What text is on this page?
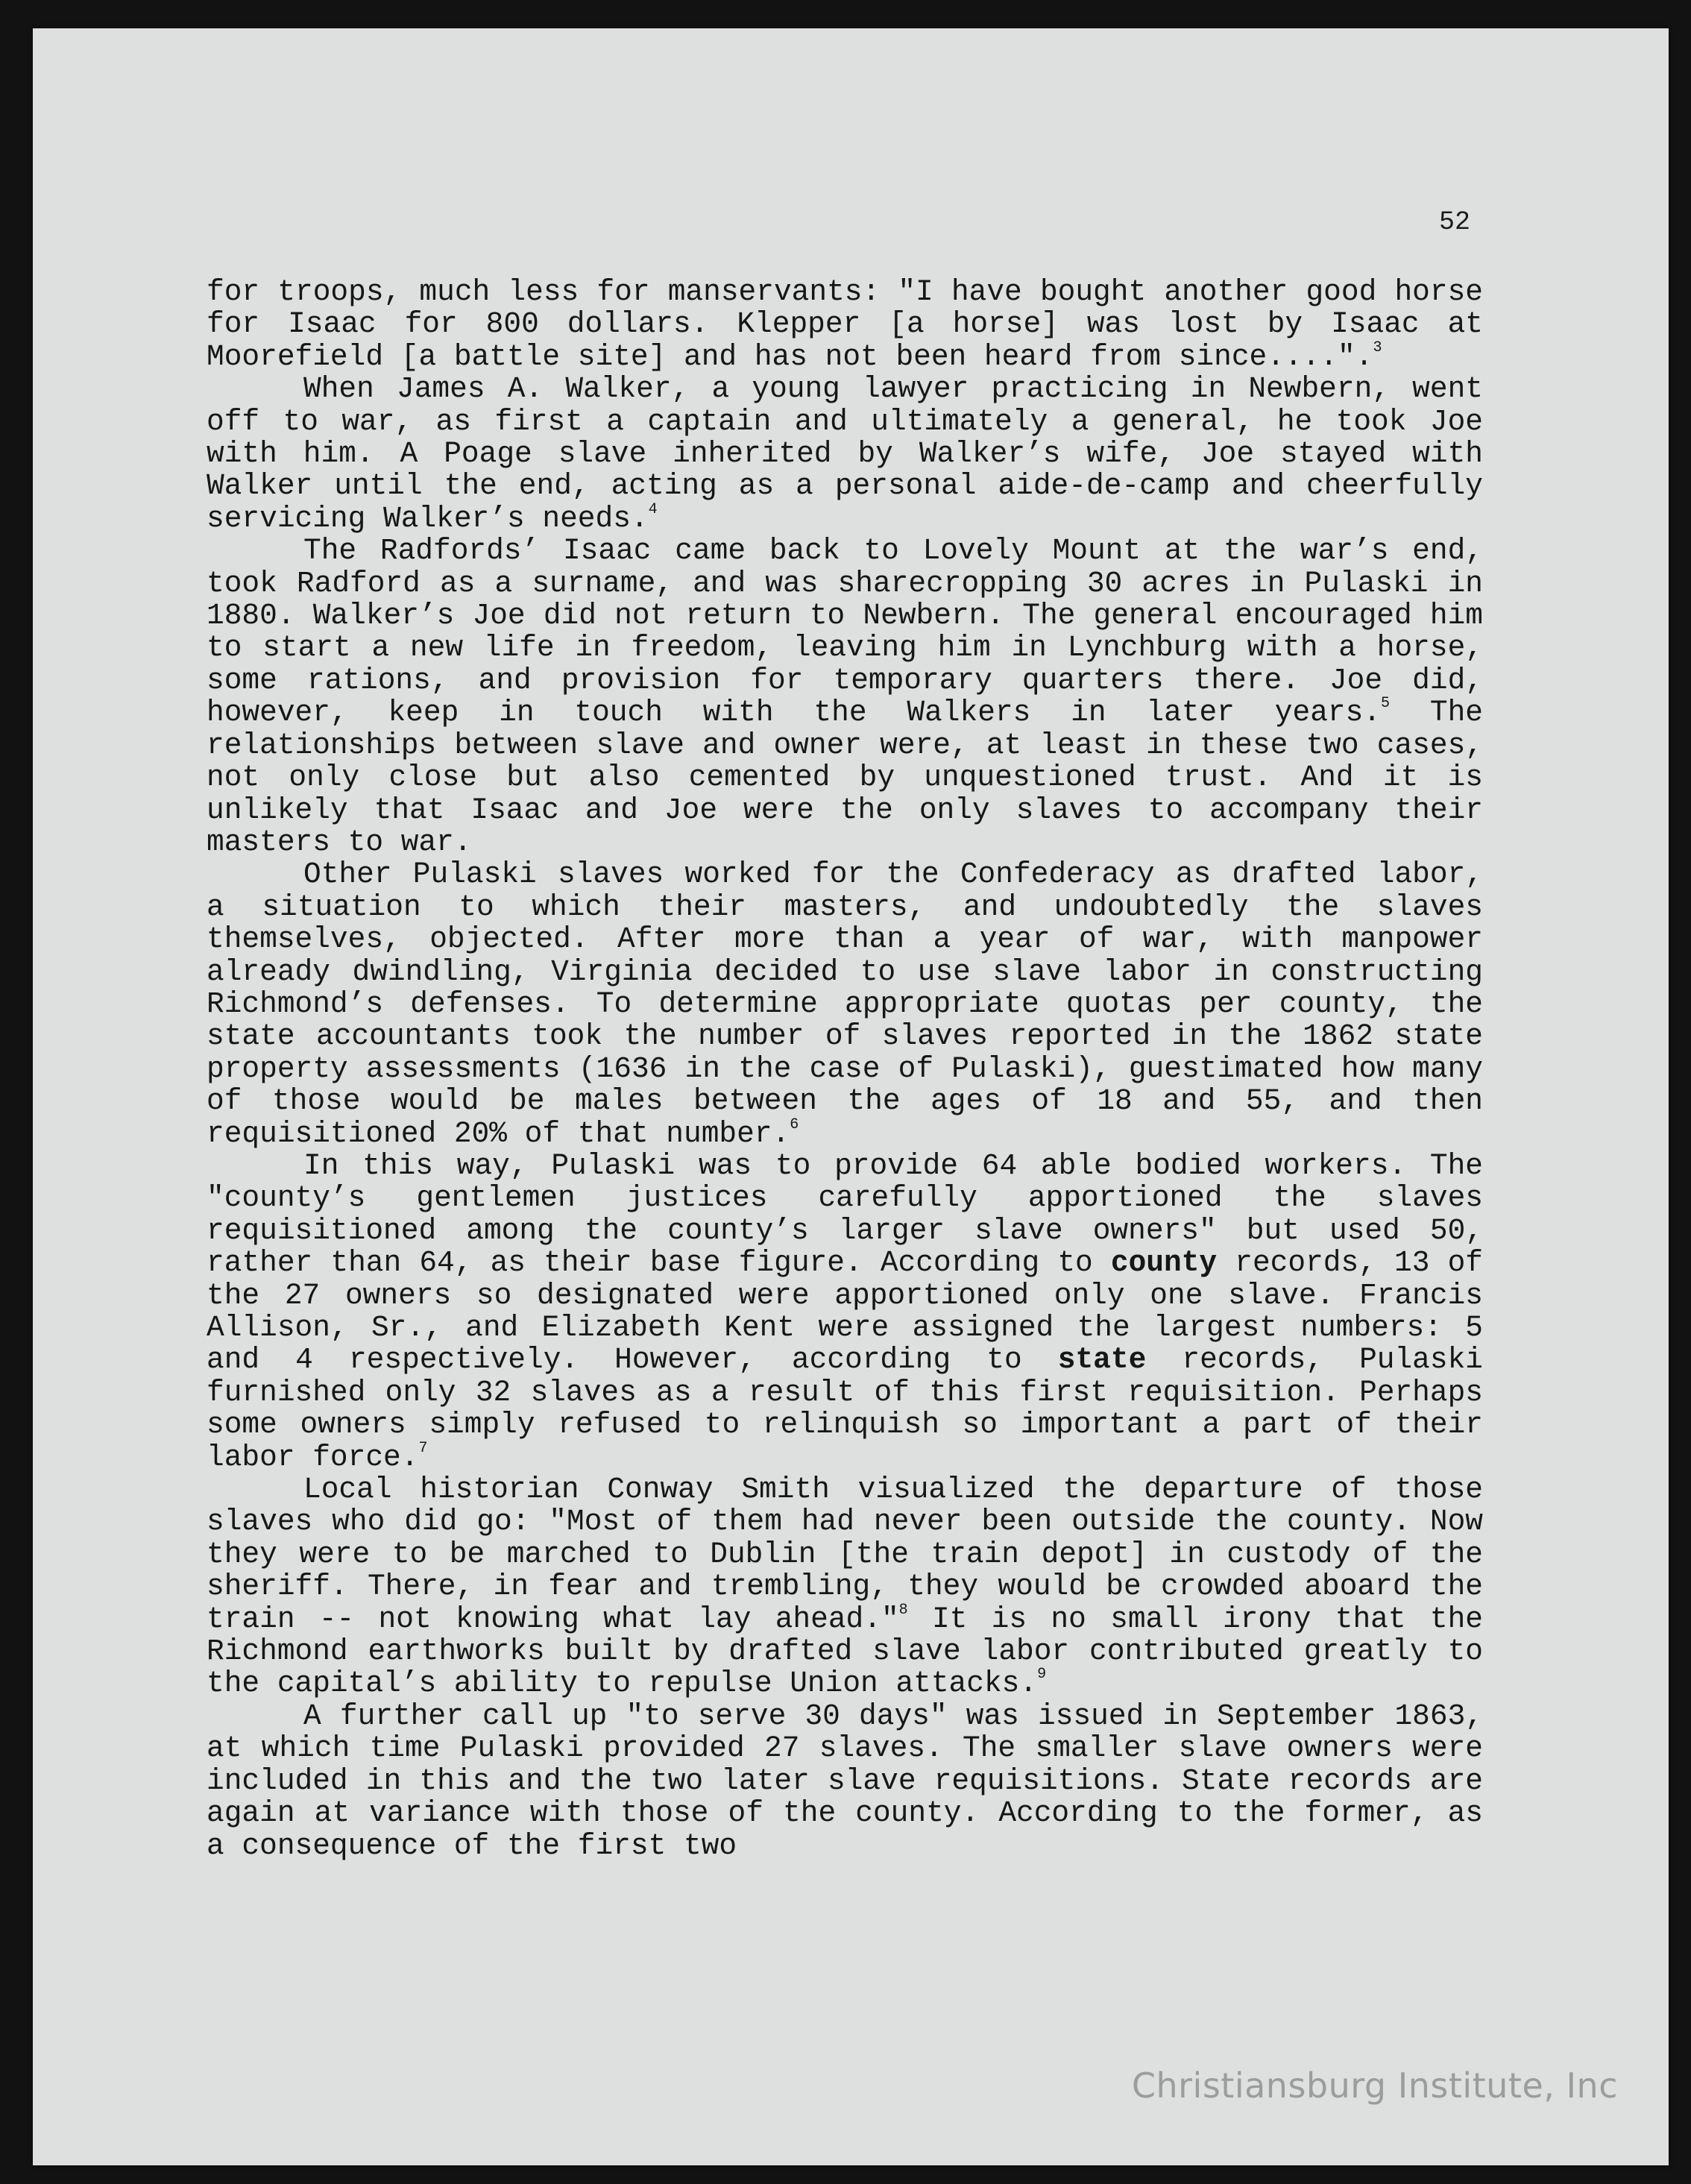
52

for troops, much less for manservants: "I have bought another good horse for Isaac for 800 dollars. Klepper [a horse] was lost by Isaac at Moorefield [a battle site] and has not been heard from since....".$^3$

When James A. Walker, a young lawyer practicing in Newbern, went off to war, as first a captain and ultimately a general, he took Joe with him. A Poage slave inherited by Walker’s wife, Joe stayed with Walker until the end, acting as a personal aide-de-camp and cheerfully servicing Walker’s needs.$^4$

The Radfords’ Isaac came back to Lovely Mount at the war’s end, took Radford as a surname, and was sharecropping 30 acres in Pulaski in 1880. Walker’s Joe did not return to Newbern. The general encouraged him to start a new life in freedom, leaving him in Lynchburg with a horse, some rations, and provision for temporary quarters there. Joe did, however, keep in touch with the Walkers in later years.$^5$ The relationships between slave and owner were, at least in these two cases, not only close but also cemented by unquestioned trust. And it is unlikely that Isaac and Joe were the only slaves to accompany their masters to war.

Other Pulaski slaves worked for the Confederacy as drafted labor, a situation to which their masters, and undoubtedly the slaves themselves, objected. After more than a year of war, with manpower already dwindling, Virginia decided to use slave labor in constructing Richmond’s defenses. To determine appropriate quotas per county, the state accountants took the number of slaves reported in the 1862 state property assessments (1636 in the case of Pulaski), guestimated how many of those would be males between the ages of 18 and 55, and then requisitioned 20% of that number.$^6$

In this way, Pulaski was to provide 64 able bodied workers. The "county’s gentlemen justices carefully apportioned the slaves requisitioned among the county’s larger slave owners" but used 50, rather than 64, as their base figure. According to county records, 13 of the 27 owners so designated were apportioned only one slave. Francis Allison, Sr., and Elizabeth Kent were assigned the largest numbers: 5 and 4 respectively. However, according to state records, Pulaski furnished only 32 slaves as a result of this first requisition. Perhaps some owners simply refused to relinquish so important a part of their labor force.$^7$

Local historian Conway Smith visualized the departure of those slaves who did go: "Most of them had never been outside the county. Now they were to be marched to Dublin [the train depot] in custody of the sheriff. There, in fear and trembling, they would be crowded aboard the train -- not knowing what lay ahead."$^8$ It is no small irony that the Richmond earthworks built by drafted slave labor contributed greatly to the capital’s ability to repulse Union attacks.$^9$

A further call up "to serve 30 days" was issued in September 1863, at which time Pulaski provided 27 slaves. The smaller slave owners were included in this and the two later slave requisitions. State records are again at variance with those of the county. According to the former, as a consequence of the first two

Christiansburg Institute, Inc
